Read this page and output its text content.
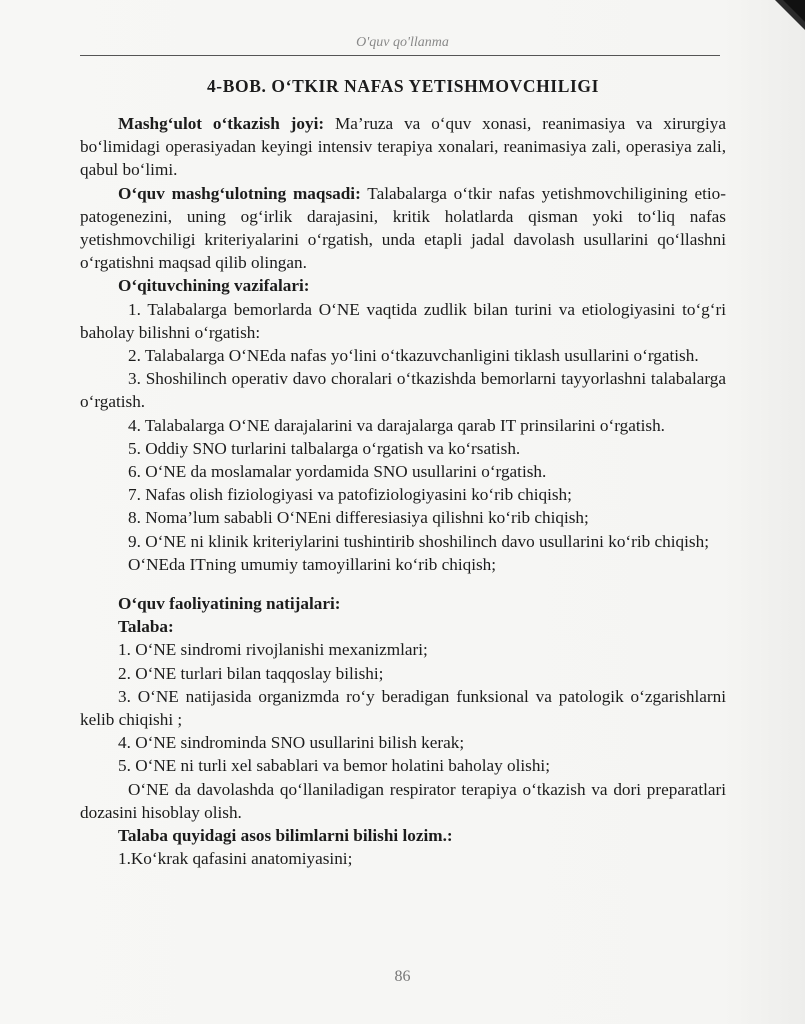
O'quv qo'llanma
4-BOB. O‘TKIR NAFAS YETISHMOVCHILIGI

Mashg‘ulot o‘tkazish joyi: Ma’ruza va o‘quv xonasi, reanimasiya va xirurgiya bo‘limidagi operasiyadan keyingi intensiv terapiya xonalari, reanimasiya zali, operasiya zali, qabul bo‘limi.

O‘quv mashg‘ulotning maqsadi: Talabalarga o‘tkir nafas yetishmovchiligining etio-patogenezini, uning og‘irlik darajasini, kritik holatlarda qisman yoki to‘liq nafas yetishmovchiligi kriteriyalarini o‘rgatish, unda etapli jadal davolash usullarini qo‘llashni o‘rgatishni maqsad qilib olingan.

O‘qituvchining vazifalari:

1. Talabalarga bemorlarda O‘NE vaqtida zudlik bilan turini va etiologiyasini to‘g‘ri baholay bilishni o‘rgatish:

2. Talabalarga O‘NEda nafas yo‘lini o‘tkazuvchanligini tiklash usullarini o‘rgatish.

3. Shoshilinch operativ davo choralari o‘tkazishda bemorlarni tayyorlashni talabalarga o‘rgatish.

4. Talabalarga O‘NE darajalarini va darajalarga qarab IT prinsilarini o‘rgatish.

5. Oddiy SNO turlarini talbalarga o‘rgatish va ko‘rsatish.

6. O‘NE da moslamalar yordamida SNO usullarini o‘rgatish.

7. Nafas olish fiziologiyasi va patofiziologiyasini ko‘rib chiqish;

8. Noma’lum sababli O‘NEni differesiasiya qilishni ko‘rib chiqish;

9. O‘NE ni klinik kriteriylarini tushintirib shoshilinch davo usullarini ko‘rib chiqish;

O‘NEda ITning umumiy tamoyillarini ko‘rib chiqish;

O‘quv faoliyatining natijalari:

Talaba:

1. O‘NE sindromi rivojlanishi mexanizmlari;

2. O‘NE turlari bilan taqqoslay bilishi;

3. O‘NE natijasida organizmda ro‘y beradigan funksional va patologik o‘zgarishlarni kelib chiqishi ;

4. O‘NE sindrominda SNO usullarini bilish kerak;

5. O‘NE ni turli xel sabablari va bemor holatini baholay olishi;

O‘NE da davolashda qo‘llaniladigan respirator terapiya o‘tkazish va dori preparatlari dozasini hisoblay olish.

Talaba quyidagi asos bilimlarni bilishi lozim.:

1.Ko‘krak qafasini anatomiyasini;

86
